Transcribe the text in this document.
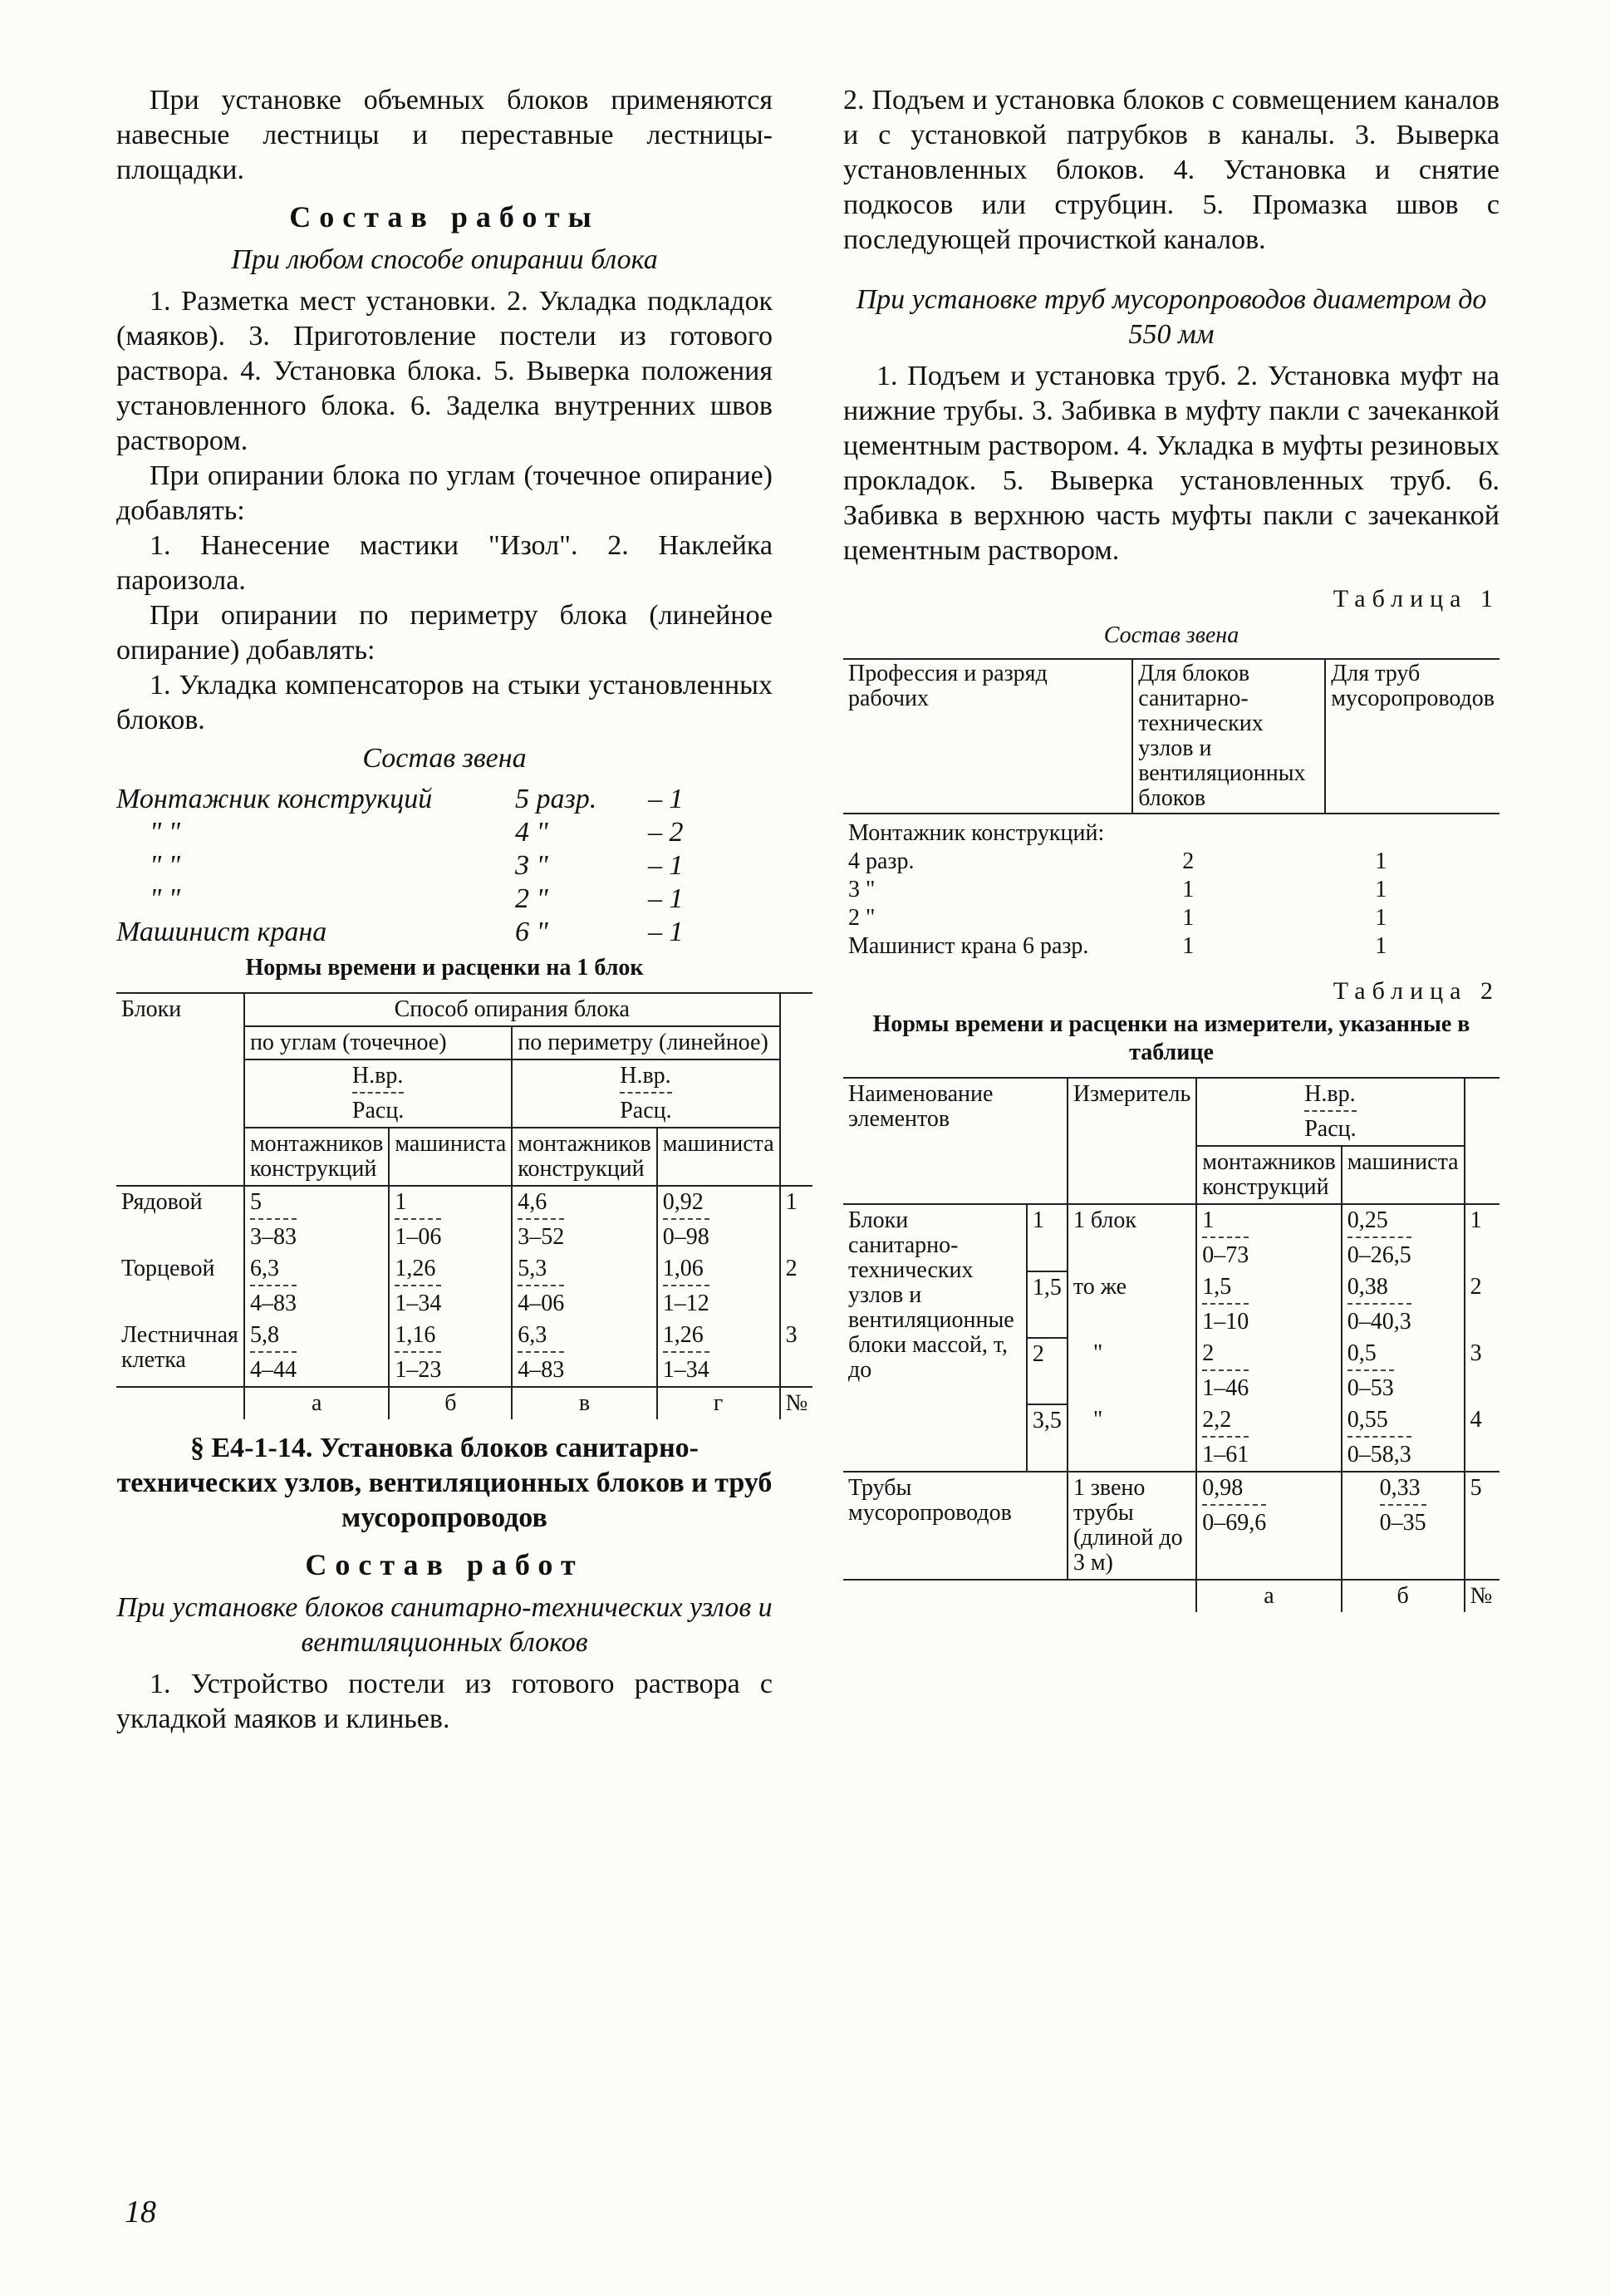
При установке объемных блоков применяются навесные лестницы и переставные лестницы-площадки.

Состав работы
При любом способе опирании блока

1. Разметка мест установки. 2. Укладка подкладок (маяков). 3. Приготовление постели из готового раствора. 4. Установка блока. 5. Выверка положения установленного блока. 6. Заделка внутренних швов раствором.

При опирании блока по углам (точечное опирание) добавлять:

1. Нанесение мастики "Изол". 2. Наклейка пароизола.

При опирании по периметру блока (линейное опирание) добавлять:

1. Укладка компенсаторов на стыки установленных блоков.

Состав звена
Монтажник конструкций	5 разр.	– 1
" "	4 "	– 2
" "	3 "	– 1
" "	2 "	– 1
Машинист крана	6 "	– 1
Нормы времени и расценки на 1 блок
Блоки	Способ опирания блока				
	по углам (точечное)		по периметру (линейное)		

	$\frac{Н.вр.}{\text{Расц.}}$		$\frac{Н.вр.}{\text{Расц.}}$

	монтажников конструкций	машиниста	монтажников конструкций	машиниста	
Рядовой	$\frac{5}{3-83}$	$\frac{1}{1-06}$	$\frac{4,6}{3-52}$	$\frac{0,92}{0-98}$	1
Торцевой	$\frac{6,3}{4-83}$	$\frac{1,26}{1-34}$	$\frac{5,3}{4-06}$	$\frac{1,06}{1-12}$	2
Лестничная клетка	$\frac{5,8}{4-44}$	$\frac{1,16}{1-23}$	$\frac{6,3}{4-83}$	$\frac{1,26}{1-34}$	3
	а	б	в	г	№
§ Е4-1-14. Установка блоков санитарно-технических узлов, вентиляционных блоков и труб мусоропроводов
Состав работ
При установке блоков санитарно-технических узлов и вентиляционных блоков

1. Устройство постели из готового раствора с укладкой маяков и клиньев.

2. Подъем и установка блоков с совмещением каналов и с установкой патрубков в каналы. 3. Выверка установленных блоков. 4. Установка и снятие подкосов или струбцин. 5. Промазка швов с последующей прочисткой каналов.

При установке труб мусоропроводов диаметром до 550 мм

1. Подъем и установка труб. 2. Установка муфт на нижние трубы. 3. Забивка в муфту пакли с зачеканкой цементным раствором. 4. Укладка в муфты резиновых прокладок. 5. Выверка установленных труб. 6. Забивка в верхнюю часть муфты пакли с зачеканкой цементным раствором.

Таблица 1
Состав звена
Профессия и разряд рабочих	Для блоков санитарно-технических узлов и вентиляционных блоков	Для труб мусоропроводов
Монтажник конструкций:		
4 разр.	2	1
3 "	1	1
2 "	1	1
Машинист крана 6 разр.	1	1
Таблица 2
Нормы времени и расценки на измерители, указанные в таблице
Наименование элементов		Измеритель	$\frac{Н.вр.}{\text{Расц.}}$

			монтажников конструкций	машиниста	
Блоки санитарно-технических узлов и вентиляционные блоки массой, т, до	1	1 блок	$\frac{1}{0-73}$	$\frac{0,25}{0-26,5}$	1
	1,5	то же	$\frac{1,5}{1-10}$	$\frac{0,38}{0-40,3}$	2
	2	"	$\frac{2}{1-46}$	$\frac{0,5}{0-53}$	3
	3,5	"	$\frac{2,2}{1-61}$	$\frac{0,55}{0-58,3}$	4
Трубы мусоропроводов		1 звено трубы (длиной до 3 м)	$\frac{0,98}{0-69,6}$	$\frac{0,33}{0-35}$	5
			а	б	№
18
